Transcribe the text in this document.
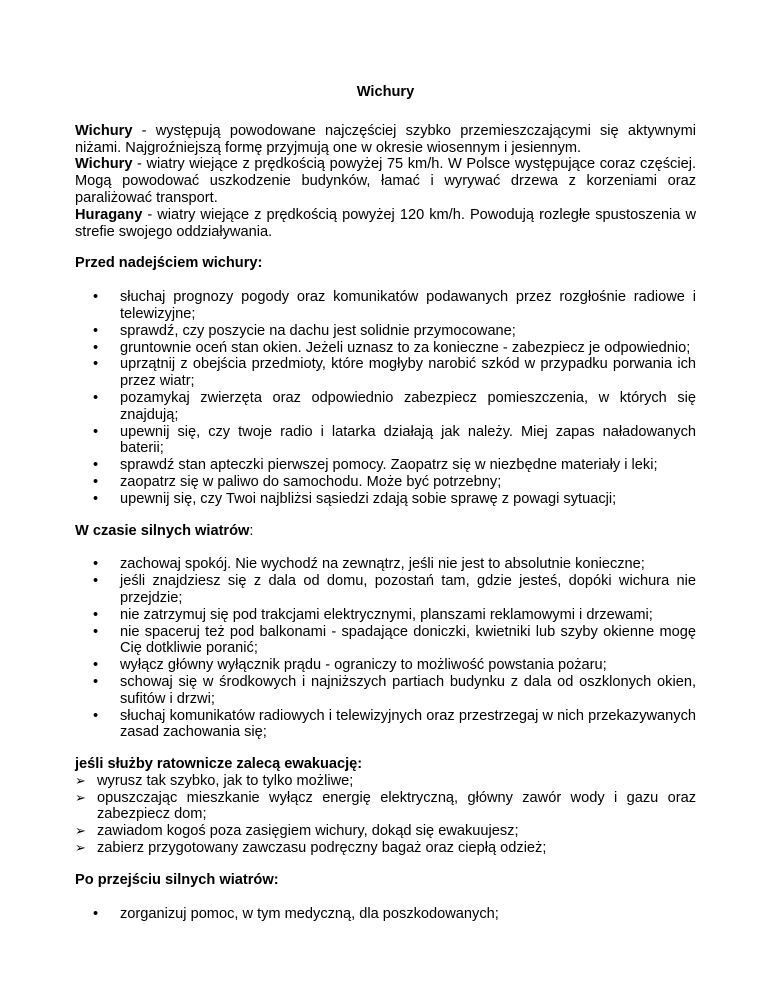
Wichury

Wichury - występują powodowane najczęściej szybko przemieszczającymi się aktywnymi niżami. Najgroźniejszą formę przyjmują one w okresie wiosennym i jesiennym.

Wichury - wiatry wiejące z prędkością powyżej 75 km/h. W Polsce występujące coraz częściej. Mogą powodować uszkodzenie budynków, łamać i wyrywać drzewa z korzeniami oraz paraliżować transport.

Huragany - wiatry wiejące z prędkością powyżej 120 km/h. Powodują rozległe spustoszenia w strefie swojego oddziaływania.

Przed nadejściem wichury:
• słuchaj prognozy pogody oraz komunikatów podawanych przez rozgłośnie radiowe i telewizyjne;
• sprawdź, czy poszycie na dachu jest solidnie przymocowane;
• gruntownie oceń stan okien. Jeżeli uznasz to za konieczne - zabezpiecz je odpowiednio;
• uprzątnij z obejścia przedmioty, które mogłyby narobić szkód w przypadku porwania ich przez wiatr;
• pozamykaj zwierzęta oraz odpowiednio zabezpiecz pomieszczenia, w których się znajdują;
• upewnij się, czy twoje radio i latarka działają jak należy. Miej zapas naładowanych baterii;
• sprawdź stan apteczki pierwszej pomocy. Zaopatrz się w niezbędne materiały i leki;
• zaopatrz się w paliwo do samochodu. Może być potrzebny;
• upewnij się, czy Twoi najbliżsi sąsiedzi zdają sobie sprawę z powagi sytuacji;
W czasie silnych wiatrów:
• zachowaj spokój. Nie wychodź na zewnątrz, jeśli nie jest to absolutnie konieczne;
• jeśli znajdziesz się z dala od domu, pozostań tam, gdzie jesteś, dopóki wichura nie przejdzie;
• nie zatrzymuj się pod trakcjami elektrycznymi, planszami reklamowymi i drzewami;
• nie spaceruj też pod balkonami - spadające doniczki, kwietniki lub szyby okienne mogę Cię dotkliwie poranić;
• wyłącz główny wyłącznik prądu - ograniczy to możliwość powstania pożaru;
• schowaj się w środkowych i najniższych partiach budynku z dala od oszklonych okien, sufitów i drzwi;
• słuchaj komunikatów radiowych i telewizyjnych oraz przestrzegaj w nich przekazywanych zasad zachowania się;
jeśli służby ratownicze zalecą ewakuację:
➢ wyrusz tak szybko, jak to tylko możliwe;
➢ opuszczając mieszkanie wyłącz energię elektryczną, główny zawór wody i gazu oraz zabezpiecz dom;
➢ zawiadom kogoś poza zasięgiem wichury, dokąd się ewakuujesz;
➢ zabierz przygotowany zawczasu podręczny bagaż oraz ciepłą odzież;
Po przejściu silnych wiatrów:
• zorganizuj pomoc, w tym medyczną, dla poszkodowanych;
